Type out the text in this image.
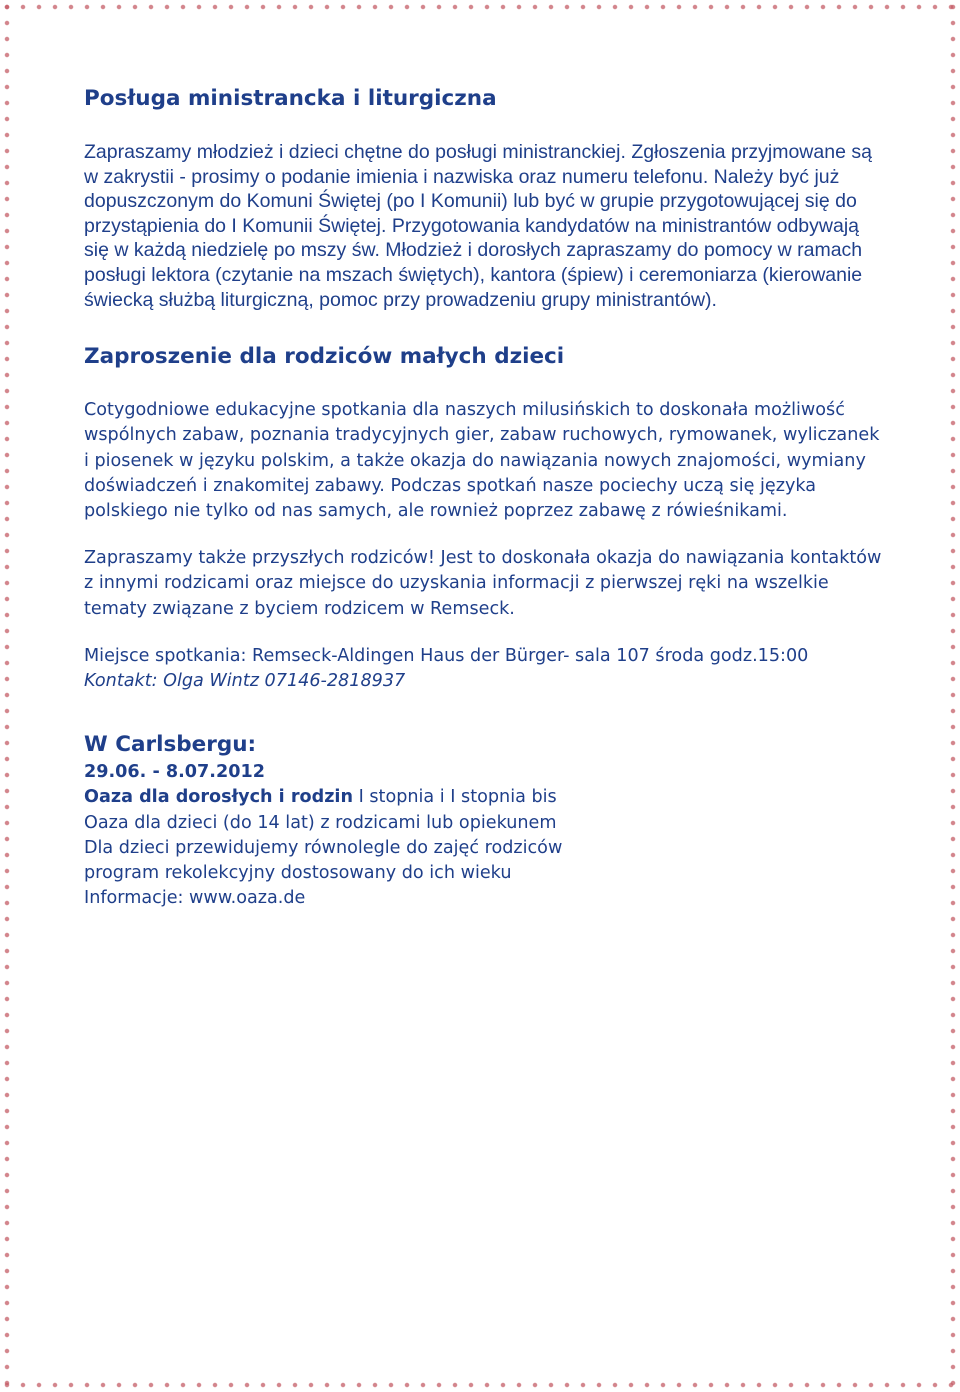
Posługa ministrancka i liturgiczna

Zapraszamy młodzież i dzieci chętne do posługi ministranckiej. Zgłoszenia przyjmowane są w zakrystii - prosimy o podanie imienia i nazwiska oraz numeru telefonu. Należy być już dopuszczonym do Komuni Świętej (po I Komunii) lub być w grupie przygotowującej się do przystąpienia do I Komunii Świętej. Przygotowania kandydatów na ministrantów odbywają się w każdą niedzielę po mszy św. Młodzież i dorosłych zapraszamy do pomocy w ramach posługi lektora (czytanie na mszach świętych), kantora (śpiew) i ceremoniarza (kierowanie świecką służbą liturgiczną, pomoc przy prowadzeniu grupy ministrantów).

Zaproszenie dla rodziców małych dzieci

Cotygodniowe edukacyjne spotkania dla naszych milusińskich to doskonała możliwość wspólnych zabaw, poznania tradycyjnych gier, zabaw ruchowych, rymowanek, wyliczanek i piosenek w języku polskim, a także okazja do nawiązania nowych znajomości, wymiany doświadczeń i znakomitej zabawy. Podczas spotkań nasze pociechy uczą się języka polskiego nie tylko od nas samych, ale rownież poprzez zabawę z rówieśnikami.

Zapraszamy także przyszłych rodziców! Jest to doskonała okazja do nawiązania kontaktów z innymi rodzicami oraz miejsce do uzyskania informacji z pierwszej ręki na wszelkie tematy związane z byciem rodzicem w Remseck.

Miejsce spotkania: Remseck-Aldingen Haus der Bürger- sala 107 środa godz.15:00

Kontakt: Olga Wintz 07146-2818937

W Carlsbergu:

29.06. - 8.07.2012

Oaza dla dorosłych i rodzin I stopnia i I stopnia bis

Oaza dla dzieci (do 14 lat) z rodzicami lub opiekunem

Dla dzieci przewidujemy równolegle do zajęć rodziców

program rekolekcyjny dostosowany do ich wieku

Informacje: www.oaza.de
